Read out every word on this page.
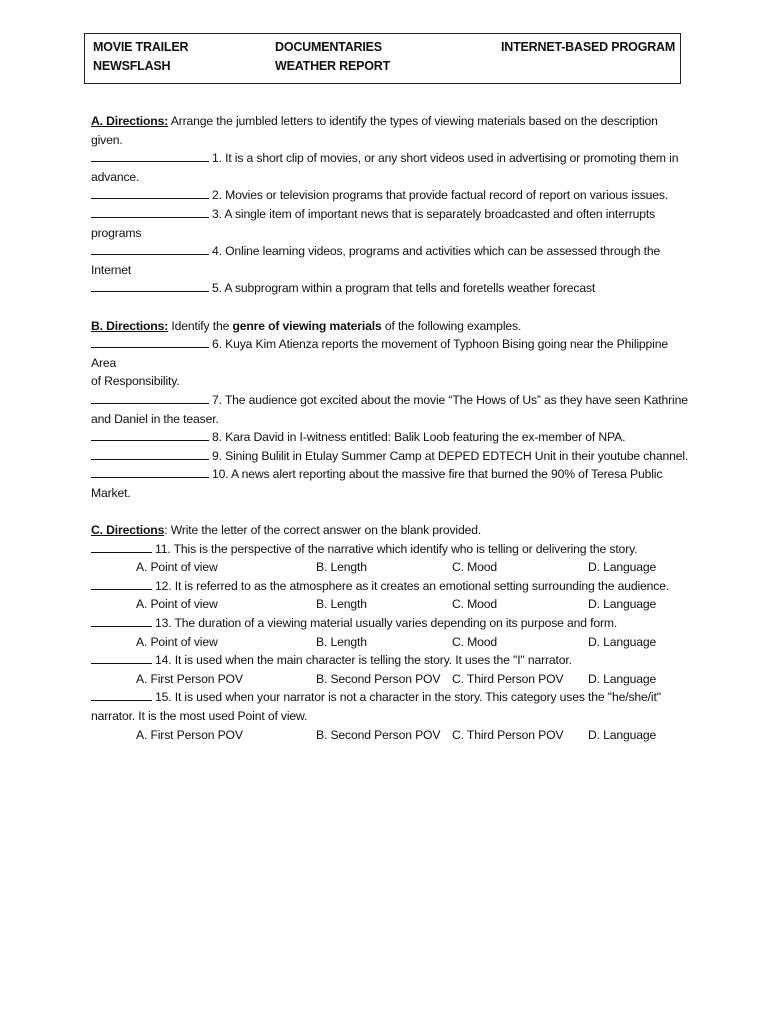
MOVIE TRAILER	DOCUMENTARIES	INTERNET-BASED PROGRAM
NEWSFLASH	WEATHER REPORT

A. Directions: Arrange the jumbled letters to identify the types of viewing materials based on the description given.

1. It is a short clip of movies, or any short videos used in advertising or promoting them in

advance.

2. Movies or television programs that provide factual record of report on various issues.

3. A single item of important news that is separately broadcasted and often interrupts

programs

4. Online learning videos, programs and activities which can be assessed through the

Internet

5. A subprogram within a program that tells and foretells weather forecast

B. Directions: Identify the genre of viewing materials of the following examples.

6. Kuya Kim Atienza reports the movement of Typhoon Bising going near the Philippine Area

of Responsibility.

7. The audience got excited about the movie “The Hows of Us” as they have seen Kathrine

and Daniel in the teaser.

8. Kara David in I-witness entitled: Balik Loob featuring the ex-member of NPA.

9. Sining Bulilit in Etulay Summer Camp at DEPED EDTECH Unit in their youtube channel.

10. A news alert reporting about the massive fire that burned the 90% of Teresa Public

Market.

C. Directions: Write the letter of the correct answer on the blank provided.

11. This is the perspective of the narrative which identify who is telling or delivering the story.

A. Point of view	B. Length	C. Mood	D. Language

12. It is referred to as the atmosphere as it creates an emotional setting surrounding the audience.

A. Point of view	B. Length	C. Mood	D. Language

13. The duration of a viewing material usually varies depending on its purpose and form.

A. Point of view	B. Length	C. Mood	D. Language

14. It is used when the main character is telling the story. It uses the "I" narrator.

A. First Person POV	B. Second Person POV C. Third Person POV D. Language

15. It is used when your narrator is not a character in the story. This category uses the "he/she/it"

narrator. It is the most used Point of view.

A. First Person POV	B. Second Person POV C. Third Person POV D. Language
